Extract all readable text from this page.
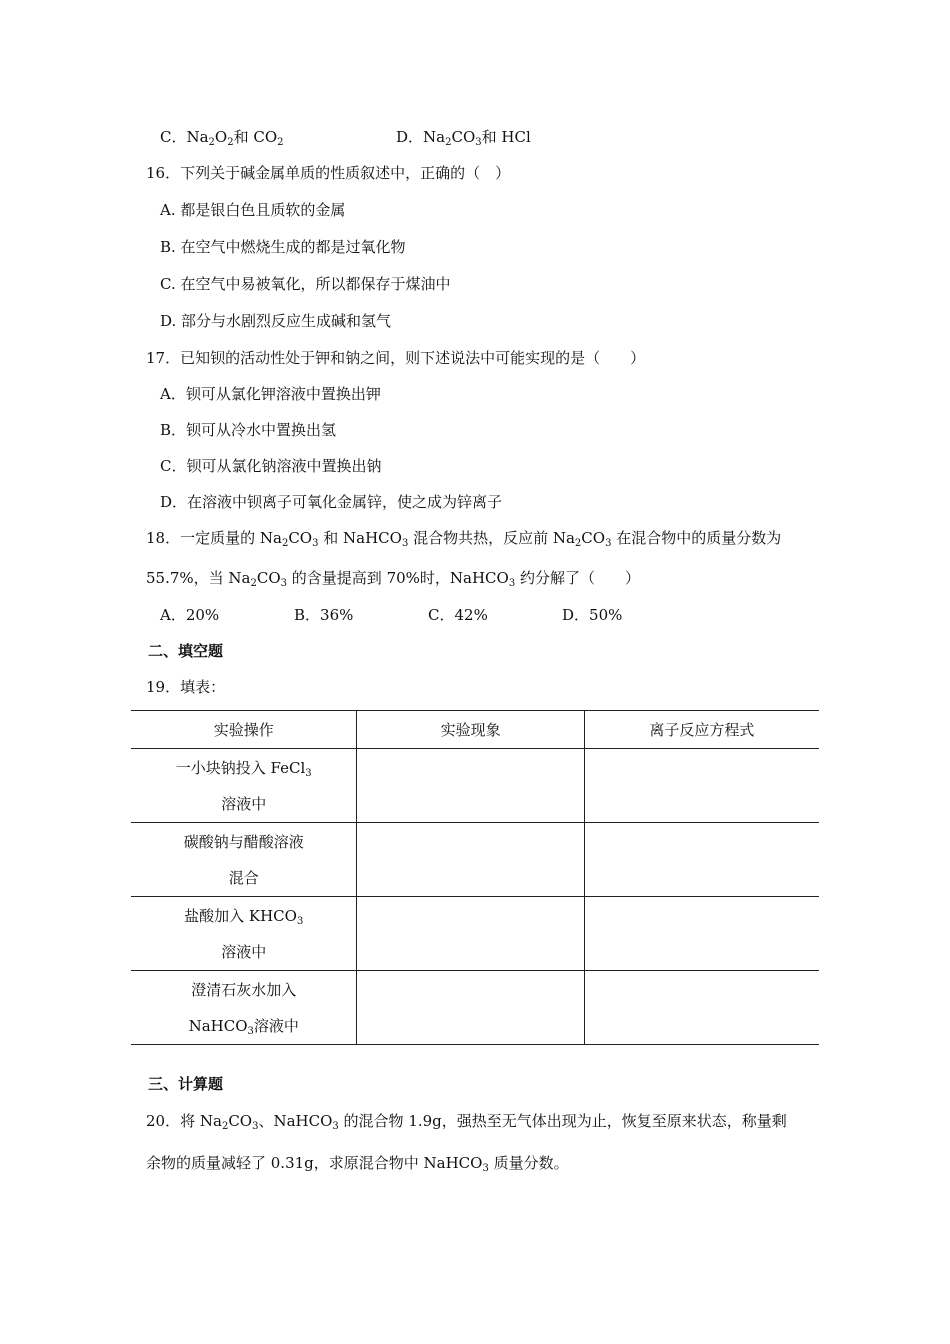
C．$Na_2O_2$和 $CO_2$	D．$Na_2CO_3$和 HCl
16．下列关于碱金属单质的性质叙述中，正确的（　）
A. 都是银白色且质软的金属
B. 在空气中燃烧生成的都是过氧化物
C. 在空气中易被氧化，所以都保存于煤油中
D. 部分与水剧烈反应生成碱和氢气
17．已知钡的活动性处于钾和钠之间，则下述说法中可能实现的是（　　）
A．钡可从氯化钾溶液中置换出钾
B．钡可从冷水中置换出氢
C．钡可从氯化钠溶液中置换出钠
D．在溶液中钡离子可氧化金属锌，使之成为锌离子
18．一定质量的 $Na_2CO_3$ 和 NaHCO$_3$ 混合物共热，反应前 $Na_2CO_3$ 在混合物中的质量分数为
55.7%，当 $Na_2CO_3$ 的含量提高到 70%时，NaHCO$_3$ 约分解了（　　）
A．20%	B．36%	C．42%	D．50%
二、填空题
19．填表：
实验操作	实验现象	离子反应方程式

一小块钠投入 FeCl$_3$
溶液中		

碳酸钠与醋酸溶液
混合		

盐酸加入 $KHCO_3$
溶液中		

澄清石灰水加入
NaHCO$_3$溶液中		

三、计算题
20．将 $Na_2CO_3$、NaHCO$_3$ 的混合物 1.9g，强热至无气体出现为止，恢复至原来状态，称量剩
余物的质量减轻了 0.31g，求原混合物中 NaHCO$_3$ 质量分数。
